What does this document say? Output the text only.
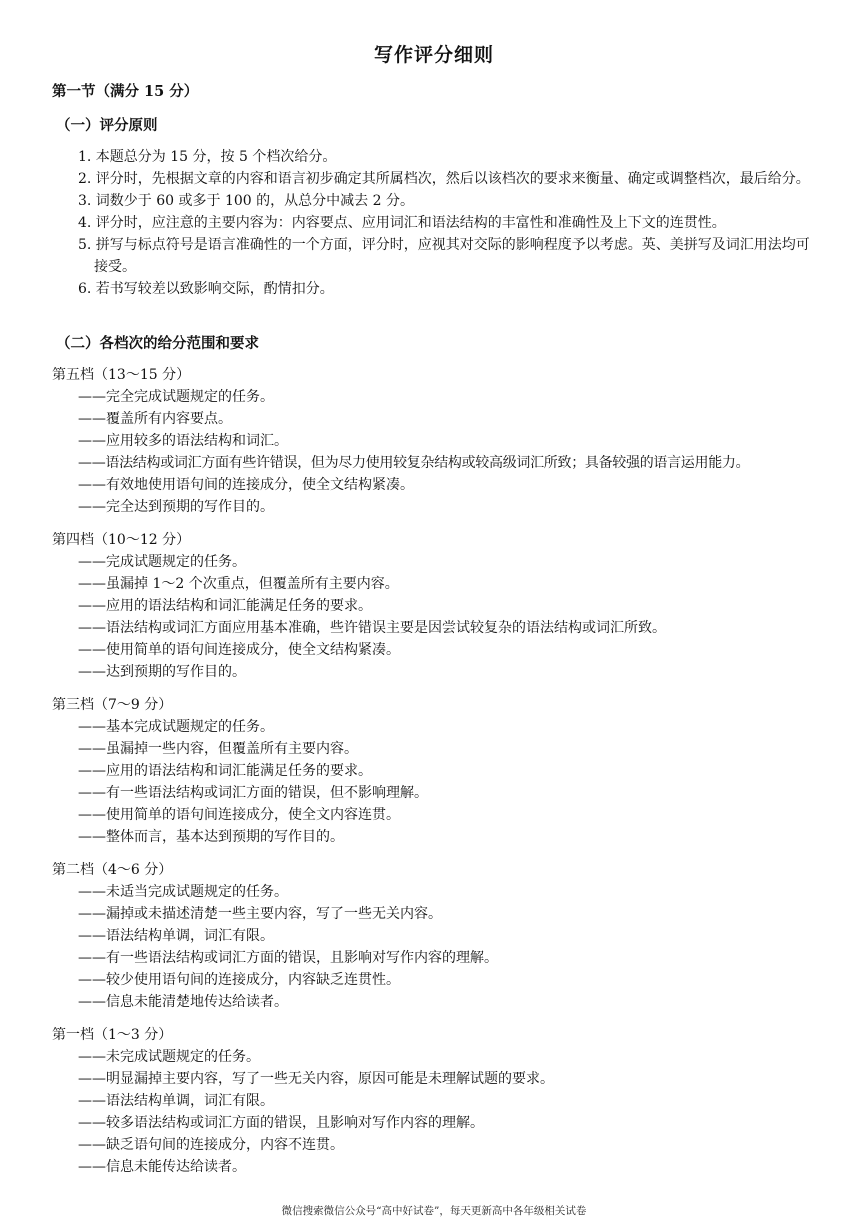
写作评分细则
第一节（满分 15 分）
（一）评分原则
1. 本题总分为 15 分，按 5 个档次给分。
2. 评分时，先根据文章的内容和语言初步确定其所属档次，然后以该档次的要求来衡量、确定或调整档次，最后给分。
3. 词数少于 60 或多于 100 的，从总分中减去 2 分。
4. 评分时，应注意的主要内容为：内容要点、应用词汇和语法结构的丰富性和准确性及上下文的连贯性。
5. 拼写与标点符号是语言准确性的一个方面，评分时，应视其对交际的影响程度予以考虑。英、美拼写及词汇用法均可接受。
6. 若书写较差以致影响交际，酌情扣分。
（二）各档次的给分范围和要求

第五档（13～15 分）

——完全完成试题规定的任务。
——覆盖所有内容要点。
——应用较多的语法结构和词汇。
——语法结构或词汇方面有些许错误，但为尽力使用较复杂结构或较高级词汇所致；具备较强的语言运用能力。
——有效地使用语句间的连接成分，使全文结构紧凑。
——完全达到预期的写作目的。

第四档（10～12 分）

——完成试题规定的任务。
——虽漏掉 1～2 个次重点，但覆盖所有主要内容。
——应用的语法结构和词汇能满足任务的要求。
——语法结构或词汇方面应用基本准确，些许错误主要是因尝试较复杂的语法结构或词汇所致。
——使用简单的语句间连接成分，使全文结构紧凑。
——达到预期的写作目的。

第三档（7～9 分）

——基本完成试题规定的任务。
——虽漏掉一些内容，但覆盖所有主要内容。
——应用的语法结构和词汇能满足任务的要求。
——有一些语法结构或词汇方面的错误，但不影响理解。
——使用简单的语句间连接成分，使全文内容连贯。
——整体而言，基本达到预期的写作目的。

第二档（4～6 分）

——未适当完成试题规定的任务。
——漏掉或未描述清楚一些主要内容，写了一些无关内容。
——语法结构单调，词汇有限。
——有一些语法结构或词汇方面的错误，且影响对写作内容的理解。
——较少使用语句间的连接成分，内容缺乏连贯性。
——信息未能清楚地传达给读者。

第一档（1～3 分）

——未完成试题规定的任务。
——明显漏掉主要内容，写了一些无关内容，原因可能是未理解试题的要求。
——语法结构单调，词汇有限。
——较多语法结构或词汇方面的错误，且影响对写作内容的理解。
——缺乏语句间的连接成分，内容不连贯。
——信息未能传达给读者。
微信搜索微信公众号“高中好试卷”，每天更新高中各年级相关试卷
